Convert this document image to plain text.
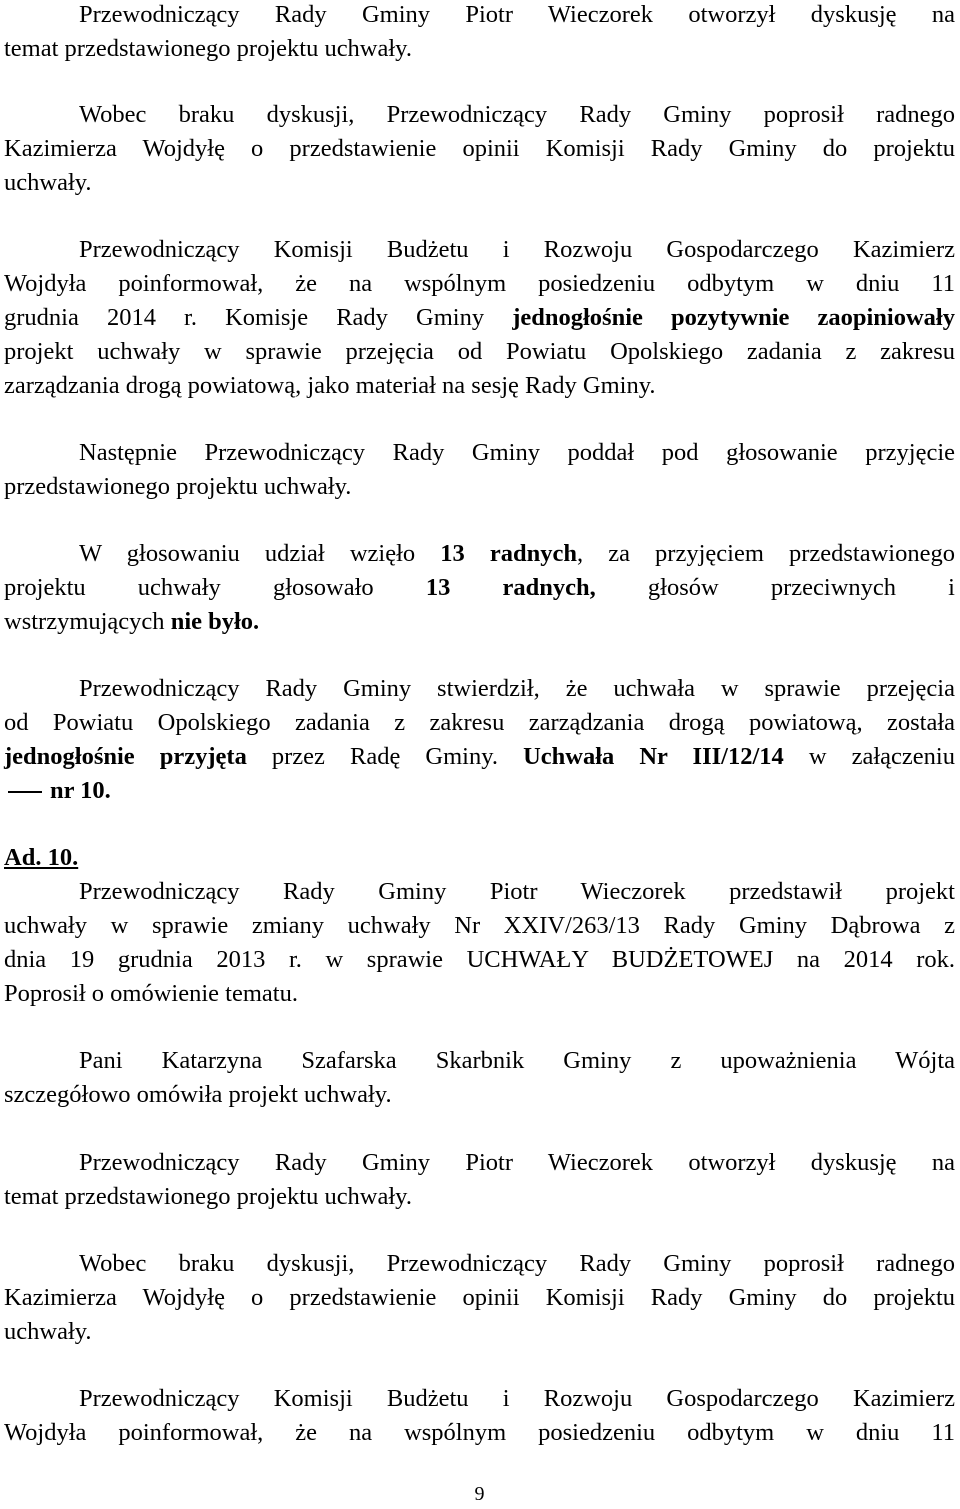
Przewodniczący Rady Gminy Piotr Wieczorek otworzył dyskusję na
temat przedstawionego projektu uchwały.
Wobec braku dyskusji, Przewodniczący Rady Gminy poprosił radnego
Kazimierza Wojdyłę o przedstawienie opinii Komisji Rady Gminy do projektu
uchwały.
Przewodniczący Komisji Budżetu i Rozwoju Gospodarczego Kazimierz
Wojdyła poinformował, że na wspólnym posiedzeniu odbytym w dniu 11
grudnia 2014 r. Komisje Rady Gminy jednogłośnie pozytywnie zaopiniowały
projekt uchwały w sprawie przejęcia od Powiatu Opolskiego zadania z zakresu
zarządzania drogą powiatową, jako materiał na sesję Rady Gminy.
Następnie Przewodniczący Rady Gminy poddał pod głosowanie przyjęcie
przedstawionego projektu uchwały.
W głosowaniu udział wzięło 13 radnych, za przyjęciem przedstawionego
projektu uchwały głosowało 13 radnych, głosów przeciwnych i
wstrzymujących nie było.
Przewodniczący Rady Gminy stwierdził, że uchwała w sprawie przejęcia
od Powiatu Opolskiego zadania z zakresu zarządzania drogą powiatową, została
jednogłośnie przyjęta przez Radę Gminy. Uchwała Nr III/12/14 w załączeniu
nr 10.
Ad. 10.
Przewodniczący Rady Gminy Piotr Wieczorek przedstawił projekt
uchwały w sprawie zmiany uchwały Nr XXIV/263/13 Rady Gminy Dąbrowa z
dnia 19 grudnia 2013 r. w sprawie UCHWAŁY BUDŻETOWEJ na 2014 rok.
Poprosił o omówienie tematu.
Pani Katarzyna Szafarska Skarbnik Gminy z upoważnienia Wójta
szczegółowo omówiła projekt uchwały.
Przewodniczący Rady Gminy Piotr Wieczorek otworzył dyskusję na
temat przedstawionego projektu uchwały.
Wobec braku dyskusji, Przewodniczący Rady Gminy poprosił radnego
Kazimierza Wojdyłę o przedstawienie opinii Komisji Rady Gminy do projektu
uchwały.
Przewodniczący Komisji Budżetu i Rozwoju Gospodarczego Kazimierz
Wojdyła poinformował, że na wspólnym posiedzeniu odbytym w dniu 11
9
